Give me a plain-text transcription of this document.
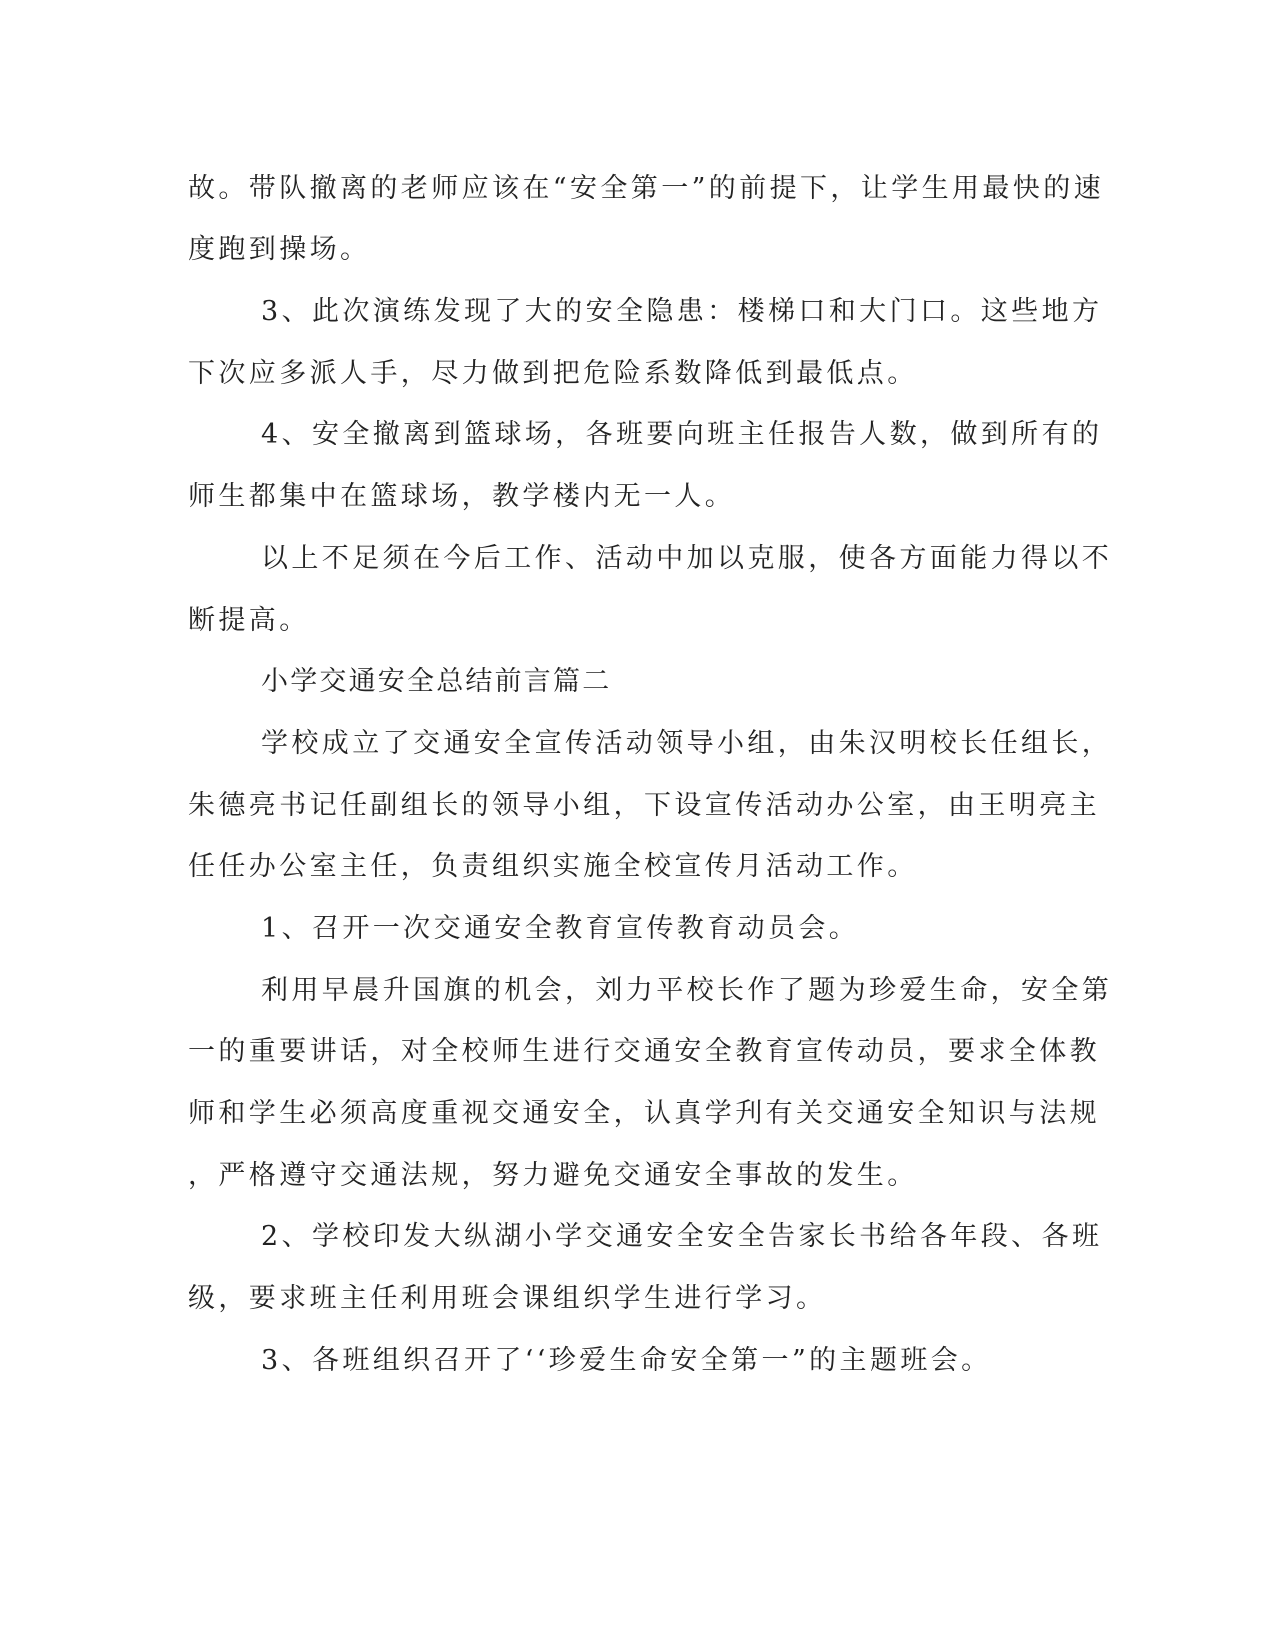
故。带队撤离的老师应该在“安全第一”的前提下，让学生用最快的速
度跑到操场。
3、此次演练发现了大的安全隐患：楼梯口和大门口。这些地方
下次应多派人手，尽力做到把危险系数降低到最低点。
4、安全撤离到篮球场，各班要向班主任报告人数，做到所有的
师生都集中在篮球场，教学楼内无一人。
以上不足须在今后工作、活动中加以克服，使各方面能力得以不
断提高。
小学交通安全总结前言篇二
学校成立了交通安全宣传活动领导小组，由朱汉明校长任组长，
朱德亮书记任副组长的领导小组，下设宣传活动办公室，由王明亮主
任任办公室主任，负责组织实施全校宣传月活动工作。
1、召开一次交通安全教育宣传教育动员会。
利用早晨升国旗的机会，刘力平校长作了题为珍爱生命，安全第
一的重要讲话，对全校师生进行交通安全教育宣传动员，要求全体教
师和学生必须高度重视交通安全，认真学刋有关交通安全知识与法规
，严格遵守交通法规，努力避免交通安全事故的发生。
2、学校印发大纵湖小学交通安全安全告家长书给各年段、各班
级，要求班主任利用班会课组织学生进行学习。
3、各班组织召开了‘‘珍爱生命安全第一”的主题班会。
